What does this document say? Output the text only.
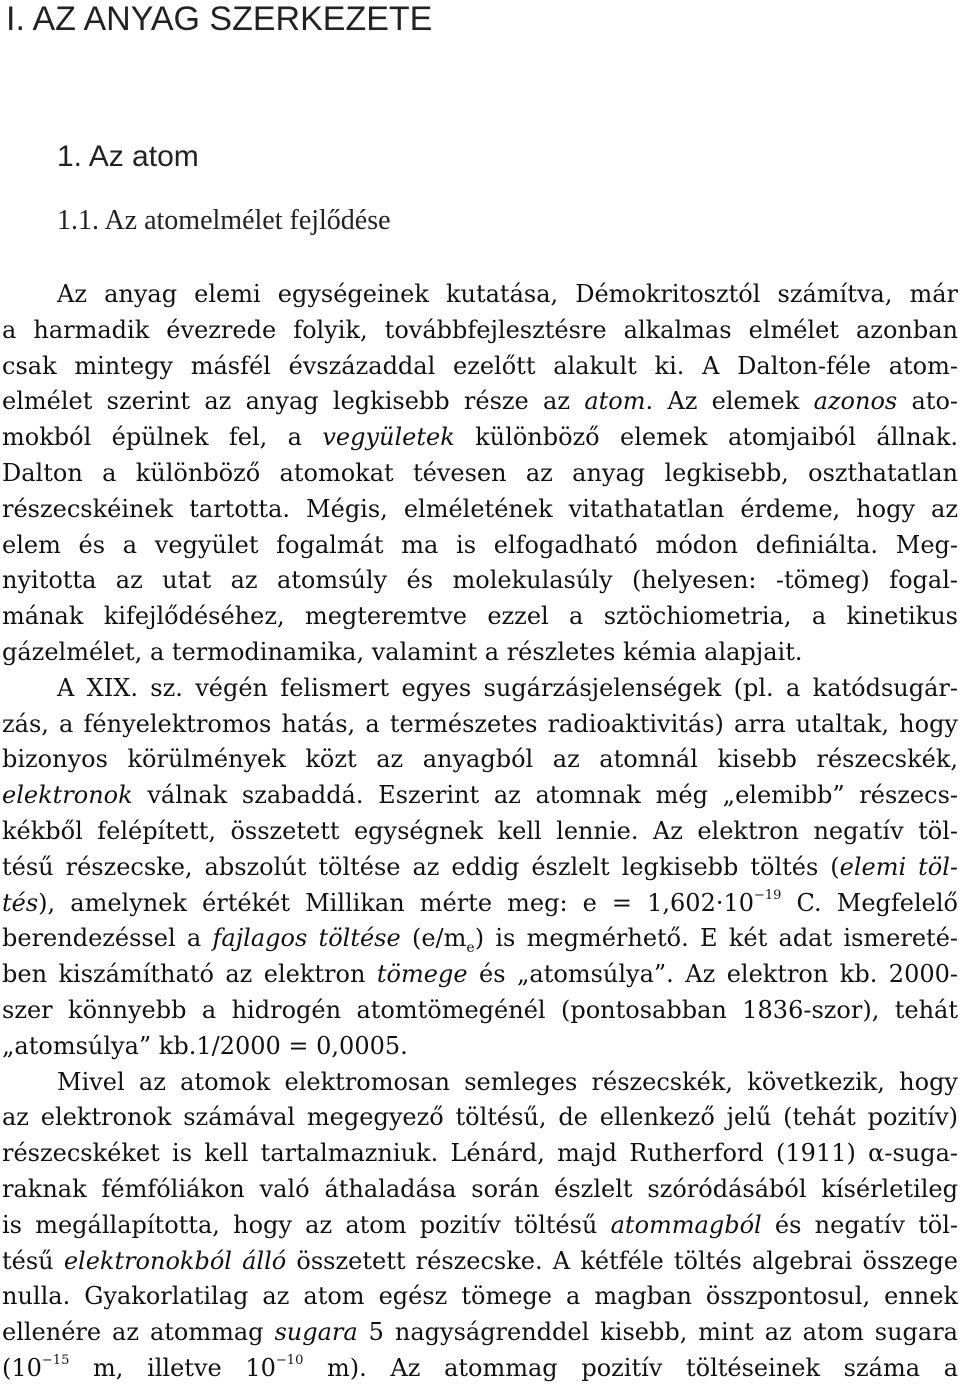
I. AZ ANYAG SZERKEZETE
1. Az atom
1.1. Az atomelmélet fejlődése
Az anyag elemi egységeinek kutatása, Démokritosztól számítva, már
a harmadik évezrede folyik, továbbfejlesztésre alkalmas elmélet azonban
csak mintegy másfél évszázaddal ezelőtt alakult ki. A Dalton-féle atom-
elmélet szerint az anyag legkisebb része az atom. Az elemek azonos ato-
mokból épülnek fel, a vegyületek különböző elemek atomjaiból állnak.
Dalton a különböző atomokat tévesen az anyag legkisebb, oszthatatlan
részecskéinek tartotta. Mégis, elméletének vitathatatlan érdeme, hogy az
elem és a vegyület fogalmát ma is elfogadható módon definiálta. Meg-
nyitotta az utat az atomsúly és molekulasúly (helyesen: -tömeg) fogal-
mának kifejlődéséhez, megteremtve ezzel a sztöchiometria, a kinetikus
gázelmélet, a termodinamika, valamint a részletes kémia alapjait.
A XIX. sz. végén felismert egyes sugárzásjelenségek (pl. a katódsugár-
zás, a fényelektromos hatás, a természetes radioaktivitás) arra utaltak, hogy
bizonyos körülmények közt az anyagból az atomnál kisebb részecskék,
elektronok válnak szabaddá. Eszerint az atomnak még „elemibb” részecs-
kékből felépített, összetett egységnek kell lennie. Az elektron negatív töl-
tésű részecske, abszolút töltése az eddig észlelt legkisebb töltés (elemi töl-
tés), amelynek értékét Millikan mérte meg: $e = 1,602\cdot 10^{-19}$ C. Megfelelő
berendezéssel a fajlagos töltése $(e/m_e)$ is megmérhető. E két adat ismereté-
ben kiszámítható az elektron tömege és „atomsúlya”. Az elektron kb. 2000-
szer könnyebb a hidrogén atomtömegénél (pontosabban 1836-szor), tehát
„atomsúlya” kb.1/2000 = 0,0005.
Mivel az atomok elektromosan semleges részecskék, következik, hogy
az elektronok számával megegyező töltésű, de ellenkező jelű (tehát pozitív)
részecskéket is kell tartalmazniuk. Lénárd, majd Rutherford (1911) α-suga-
raknak fémfóliákon való áthaladása során észlelt szóródásából kísérletileg
is megállapította, hogy az atom pozitív töltésű atommagból és negatív töl-
tésű elektronokból álló összetett részecske. A kétféle töltés algebrai összege
nulla. Gyakorlatilag az atom egész tömege a magban összpontosul, ennek
ellenére az atommag sugara 5 nagyságrenddel kisebb, mint az atom sugara
($10^{-15}$ m, illetve $10^{-10}$ m). Az atommag pozitív töltéseinek száma a
